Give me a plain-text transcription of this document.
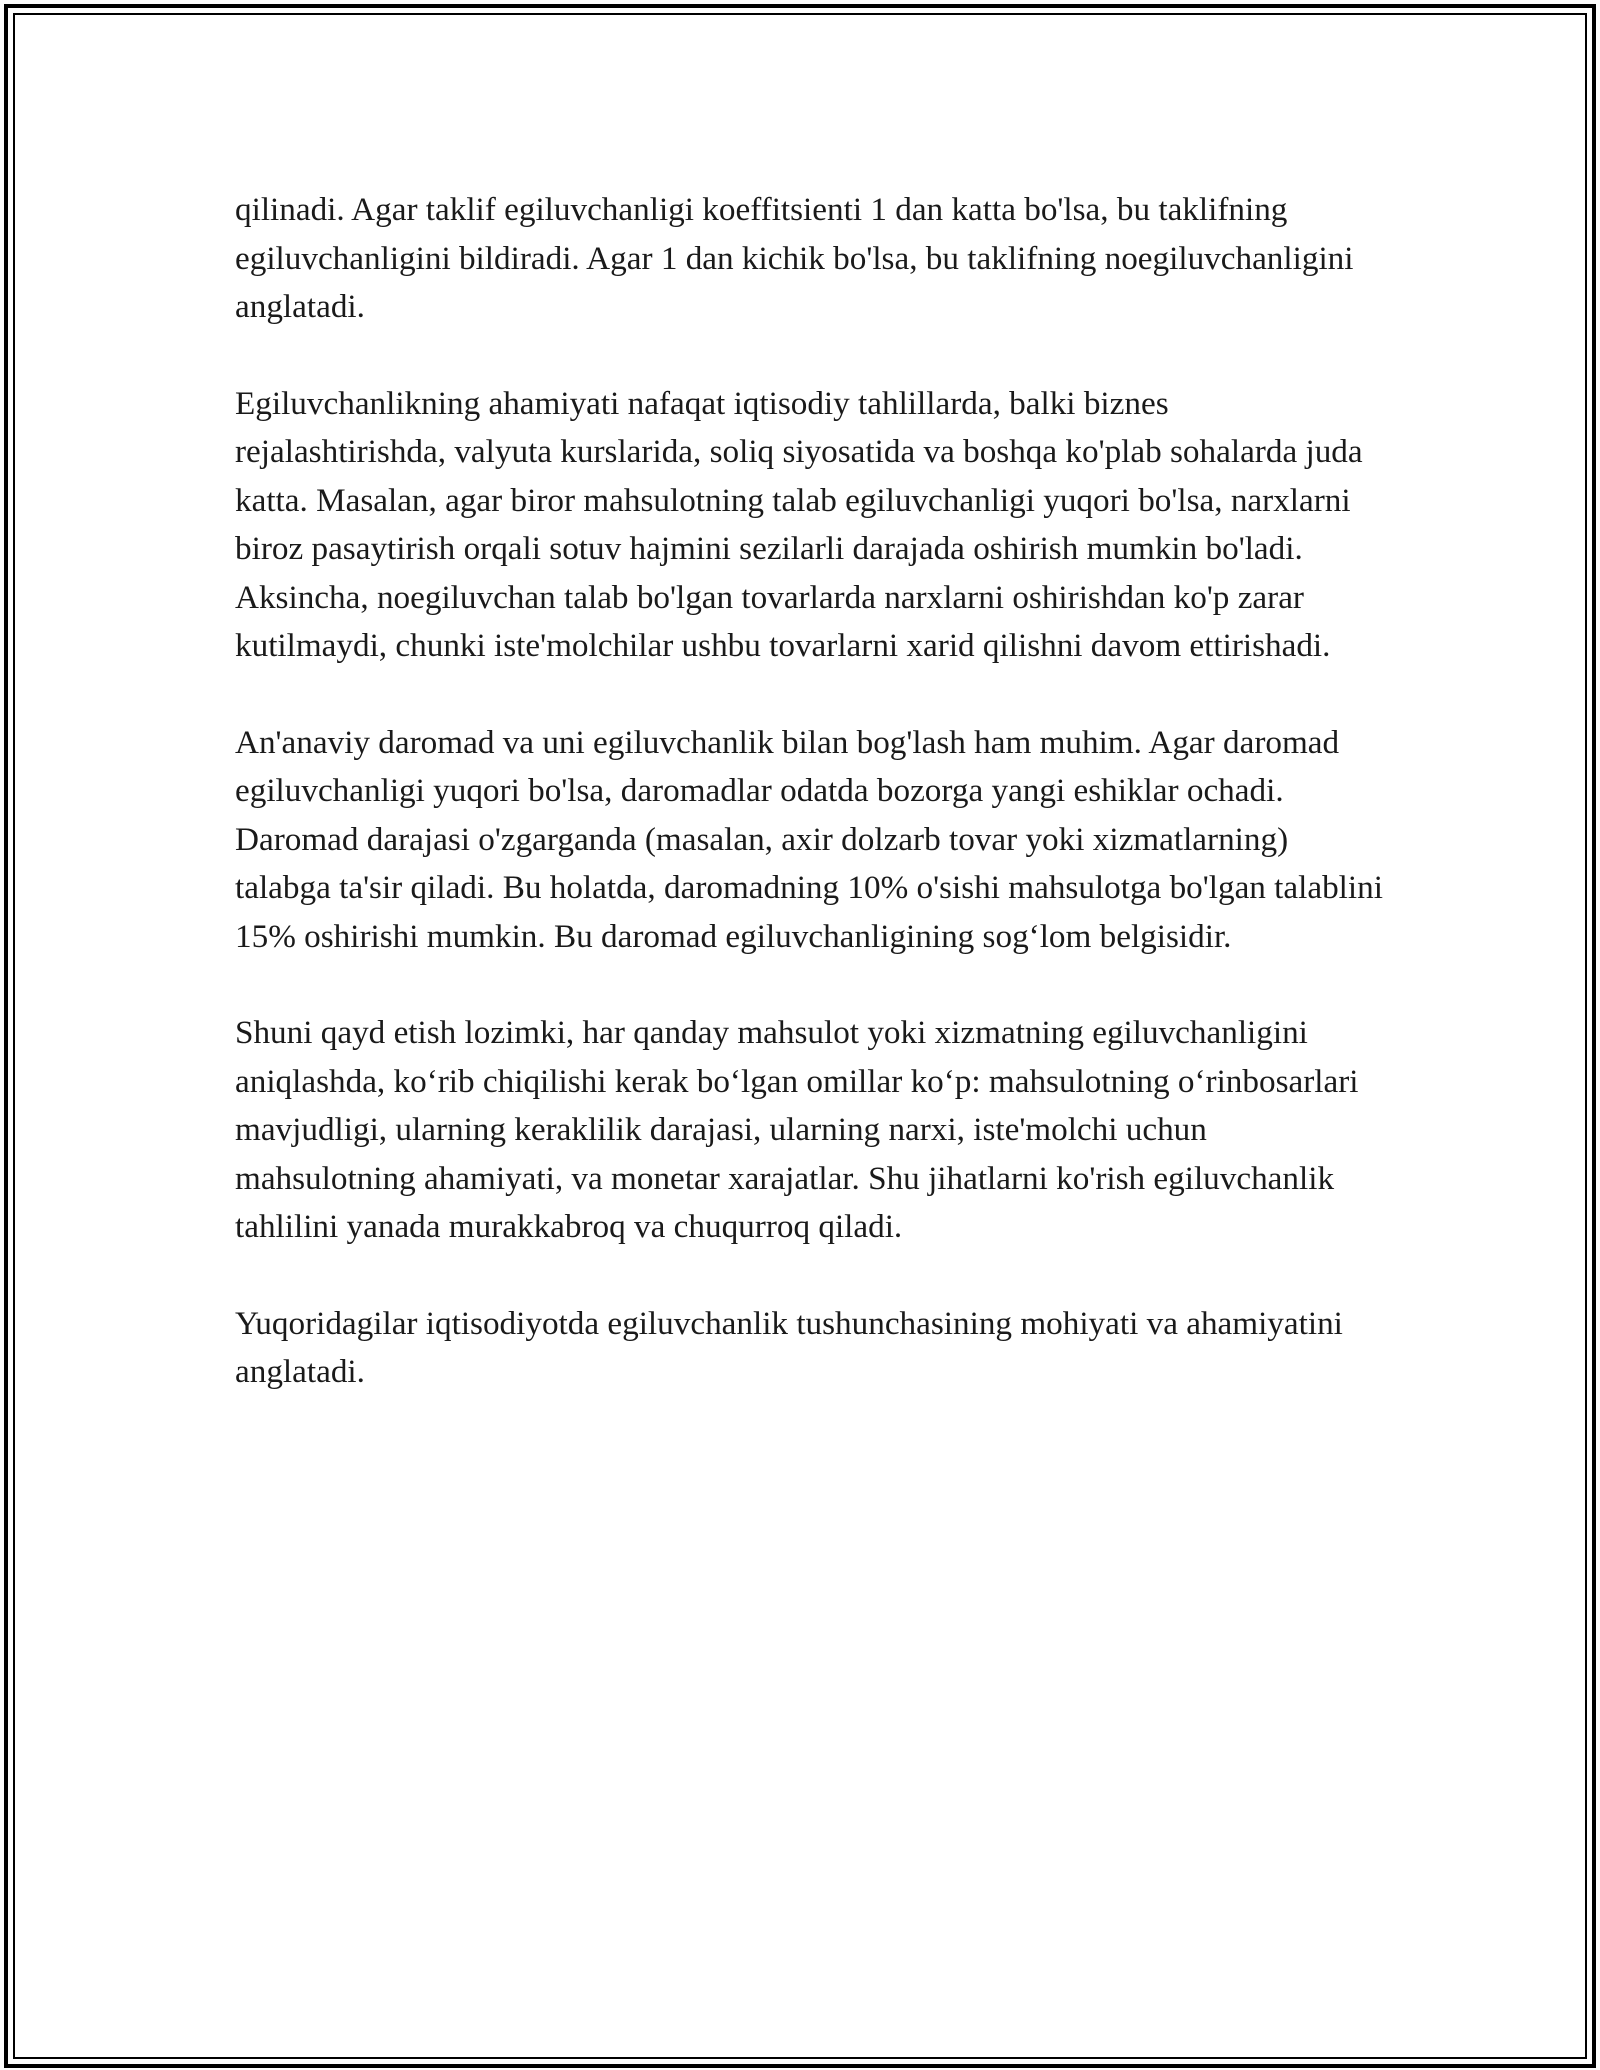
qilinadi. Agar taklif egiluvchanligi koeffitsienti 1 dan katta bo'lsa, bu taklifning egiluvchanligini bildiradi. Agar 1 dan kichik bo'lsa, bu taklifning noegiluvchanligini anglatadi.

Egiluvchanlikning ahamiyati nafaqat iqtisodiy tahlillarda, balki biznes rejalashtirishda, valyuta kurslarida, soliq siyosatida va boshqa ko'plab sohalarda juda katta. Masalan, agar biror mahsulotning talab egiluvchanligi yuqori bo'lsa, narxlarni biroz pasaytirish orqali sotuv hajmini sezilarli darajada oshirish mumkin bo'ladi. Aksincha, noegiluvchan talab bo'lgan tovarlarda narxlarni oshirishdan ko'p zarar kutilmaydi, chunki iste'molchilar ushbu tovarlarni xarid qilishni davom ettirishadi.

An'anaviy daromad va uni egiluvchanlik bilan bog'lash ham muhim. Agar daromad egiluvchanligi yuqori bo'lsa, daromadlar odatda bozorga yangi eshiklar ochadi. Daromad darajasi o'zgarganda (masalan, axir dolzarb tovar yoki xizmatlarning) talabga ta'sir qiladi. Bu holatda, daromadning 10% o'sishi mahsulotga bo'lgan talablini 15% oshirishi mumkin. Bu daromad egiluvchanligining sog‘lom belgisidir.

Shuni qayd etish lozimki, har qanday mahsulot yoki xizmatning egiluvchanligini aniqlashda, ko‘rib chiqilishi kerak bo‘lgan omillar ko‘p: mahsulotning o‘rinbosarlari mavjudligi, ularning keraklilik darajasi, ularning narxi, iste'molchi uchun mahsulotning ahamiyati, va monetar xarajatlar. Shu jihatlarni ko'rish egiluvchanlik tahlilini yanada murakkabroq va chuqurroq qiladi.

Yuqoridagilar iqtisodiyotda egiluvchanlik tushunchasining mohiyati va ahamiyatini anglatadi.
